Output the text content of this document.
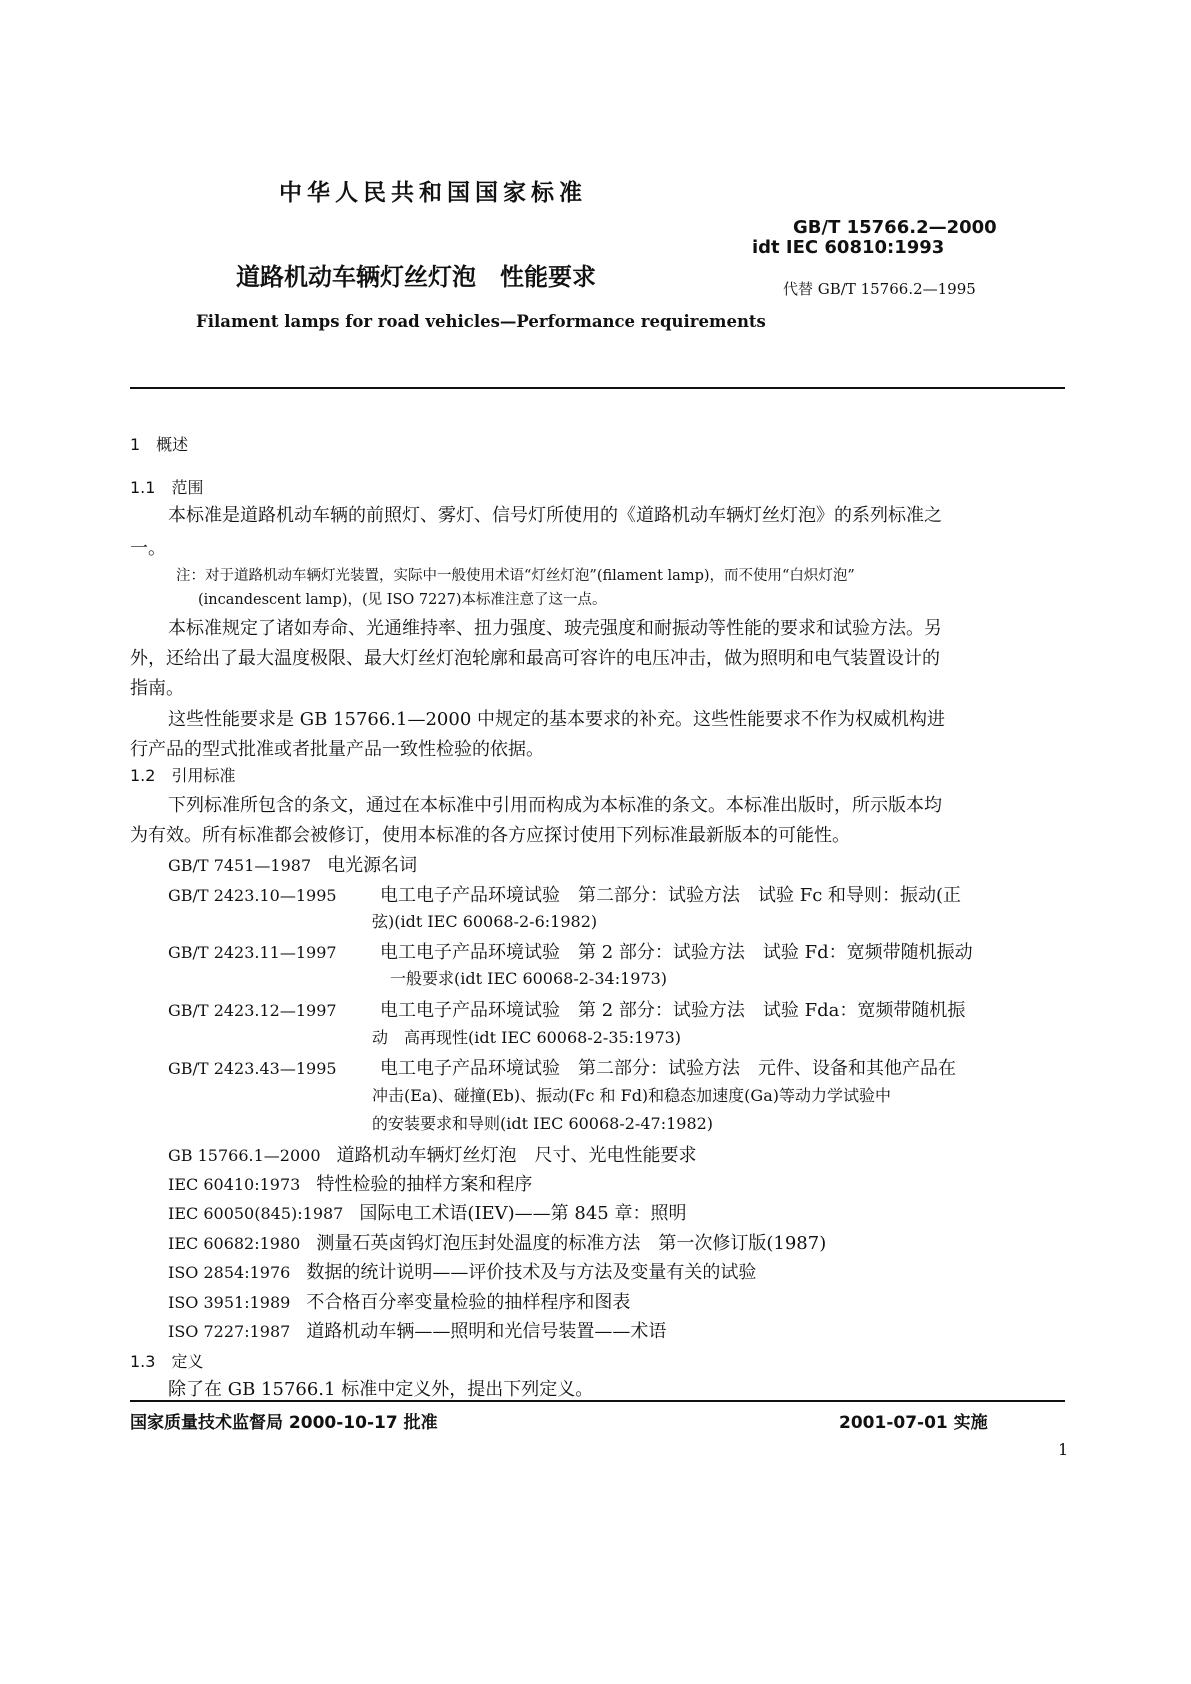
中华人民共和国国家标准
GB/T 15766.2—2000
idt IEC 60810:1993
道路机动车辆灯丝灯泡　性能要求	代替 GB/T 15766.2—1995
Filament lamps for road vehicles—Performance requirements
1　概述
1.1　范围
本标准是道路机动车辆的前照灯、雾灯、信号灯所使用的《道路机动车辆灯丝灯泡》的系列标准之
一。
注：对于道路机动车辆灯光装置，实际中一般使用术语“灯丝灯泡”(filament lamp)，而不使用“白炽灯泡”
(incandescent lamp)，(见 ISO 7227)本标准注意了这一点。
本标准规定了诸如寿命、光通维持率、扭力强度、玻壳强度和耐振动等性能的要求和试验方法。另
外，还给出了最大温度极限、最大灯丝灯泡轮廓和最高可容许的电压冲击，做为照明和电气装置设计的
指南。
这些性能要求是 GB 15766.1—2000 中规定的基本要求的补充。这些性能要求不作为权威机构进
行产品的型式批准或者批量产品一致性检验的依据。
1.2　引用标准
下列标准所包含的条文，通过在本标准中引用而构成为本标准的条文。本标准出版时，所示版本均
为有效。所有标准都会被修订，使用本标准的各方应探讨使用下列标准最新版本的可能性。
GB/T 7451—1987　 电光源名词
GB/T 2423.10—1995 电工电子产品环境试验　第二部分：试验方法　试验 Fc 和导则：振动(正
弦)(idt IEC 60068-2-6:1982)
GB/T 2423.11—1997 电工电子产品环境试验　第 2 部分：试验方法　试验 Fd：宽频带随机振动
一般要求(idt IEC 60068-2-34:1973)
GB/T 2423.12—1997 电工电子产品环境试验　第 2 部分：试验方法　试验 Fda：宽频带随机振
动　高再现性(idt IEC 60068-2-35:1973)
GB/T 2423.43—1995 电工电子产品环境试验　第二部分：试验方法　元件、设备和其他产品在
冲击(Ea)、碰撞(Eb)、振动(Fc 和 Fd)和稳态加速度(Ga)等动力学试验中
的安装要求和导则(idt IEC 60068-2-47:1982)
GB 15766.1—2000　 道路机动车辆灯丝灯泡　尺寸、光电性能要求
IEC 60410:1973　 特性检验的抽样方案和程序
IEC 60050(845):1987　 国际电工术语(IEV)——第 845 章：照明
IEC 60682:1980　 测量石英卤钨灯泡压封处温度的标准方法　第一次修订版(1987)
ISO 2854:1976　 数据的统计说明——评价技术及与方法及变量有关的试验
ISO 3951:1989　 不合格百分率变量检验的抽样程序和图表
ISO 7227:1987　 道路机动车辆——照明和光信号装置——术语
1.3　定义
除了在 GB 15766.1 标准中定义外，提出下列定义。
国家质量技术监督局 2000-10-17 批准	2001-07-01 实施
1
